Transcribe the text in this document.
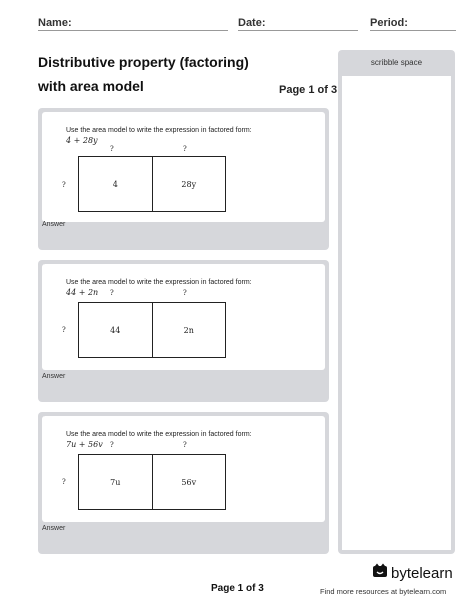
Name:	Date:	Period:
Distributive property (factoring)
with area model	Page 1 of 3
scribble space
Use the area model to write the expression in factored form:
4 + 28y
?	?
?	4	28y
Answer
Use the area model to write the expression in factored form:
44 + 2n ?	?
?	44	2n
Answer
Use the area model to write the expression in factored form:
7u + 56v ?	?
?	7u	56v
Answer
Page 1 of 3
bytelearn
Find more resources at bytelearn.com
